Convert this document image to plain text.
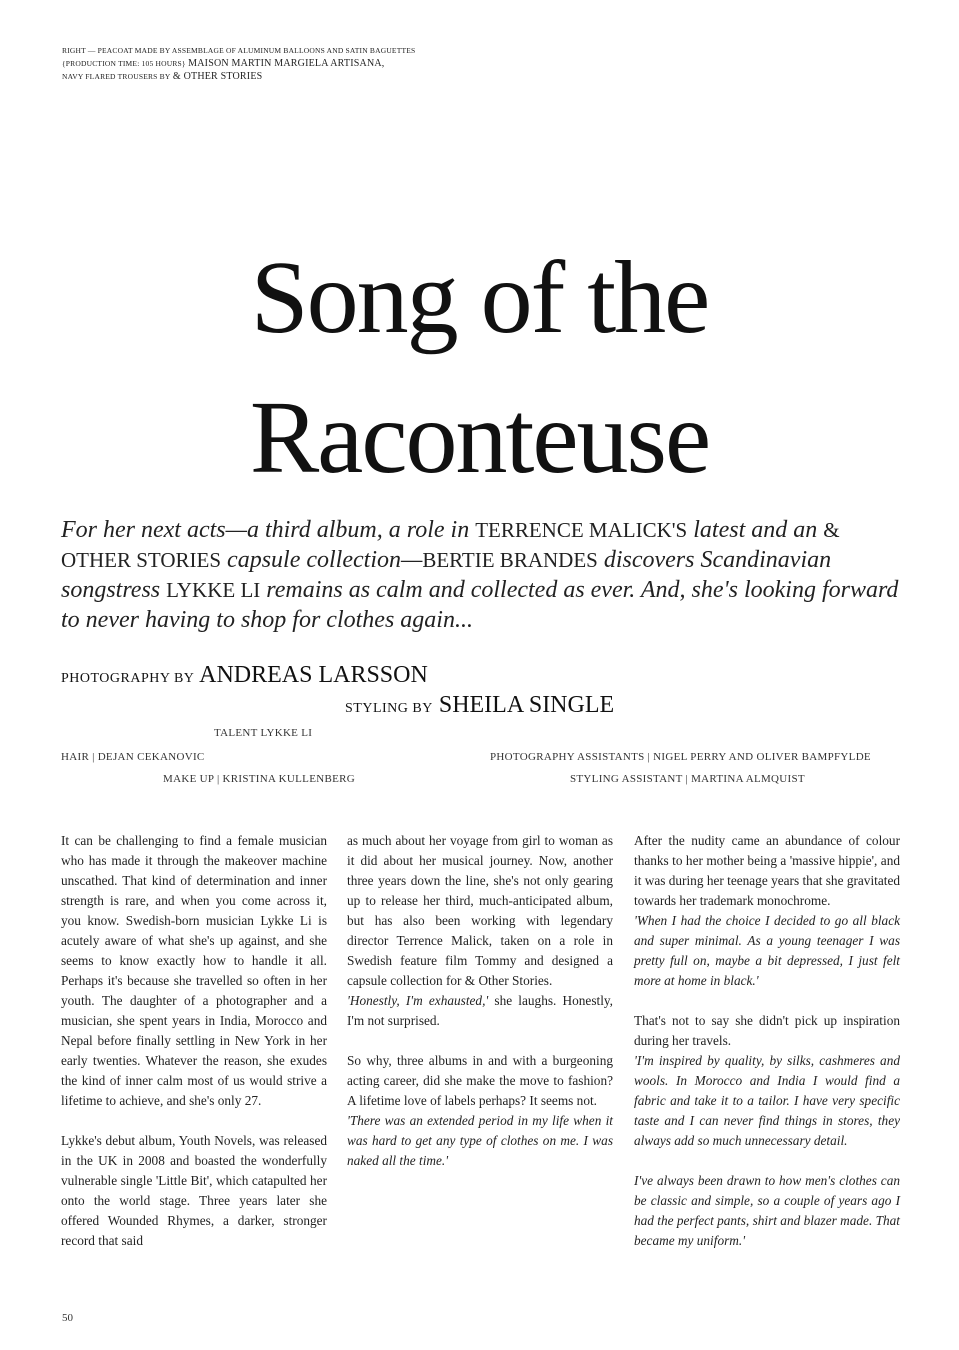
RIGHT — PEACOAT MADE BY ASSEMBLAGE OF ALUMINUM BALLOONS AND SATIN BAGUETTES
{PRODUCTION TIME: 105 HOURS} MAISON MARTIN MARGIELA ARTISANA,
NAVY FLARED TROUSERS BY & OTHER STORIES
Song of the
Raconteuse

For her next acts—a third album, a role in TERRENCE MALICK'S latest and an & OTHER STORIES capsule collection—BERTIE BRANDES discovers Scandinavian songstress LYKKE LI remains as calm and collected as ever. And, she's looking forward to never having to shop for clothes again...

PHOTOGRAPHY BY ANDREAS LARSSON
STYLING BY SHEILA SINGLE
TALENT LYKKE LI
HAIR | DEJAN CEKANOVIC
MAKE UP | KRISTINA KULLENBERG
PHOTOGRAPHY ASSISTANTS | NIGEL PERRY AND OLIVER BAMPFYLDE
STYLING ASSISTANT | MARTINA ALMQUIST

It can be challenging to find a female musician who has made it through the makeover machine unscathed. That kind of determination and inner strength is rare, and when you come across it, you know. Swedish-born musician Lykke Li is acutely aware of what she's up against, and she seems to know exactly how to handle it all. Perhaps it's because she travelled so often in her youth. The daughter of a photographer and a musician, she spent years in India, Morocco and Nepal before finally settling in New York in her early twenties. Whatever the reason, she exudes the kind of inner calm most of us would strive a lifetime to achieve, and she's only 27.

Lykke's debut album, Youth Novels, was released in the UK in 2008 and boasted the wonderfully vulnerable single 'Little Bit', which catapulted her onto the world stage. Three years later she offered Wounded Rhymes, a darker, stronger record that said

as much about her voyage from girl to woman as it did about her musical journey. Now, another three years down the line, she's not only gearing up to release her third, much-anticipated album, but has also been working with legendary director Terrence Malick, taken on a role in Swedish feature film Tommy and designed a capsule collection for & Other Stories.

'Honestly, I'm exhausted,' she laughs. Honestly, I'm not surprised.

So why, three albums in and with a burgeoning acting career, did she make the move to fashion? A lifetime love of labels perhaps? It seems not.

'There was an extended period in my life when it was hard to get any type of clothes on me. I was naked all the time.'

After the nudity came an abundance of colour thanks to her mother being a 'massive hippie', and it was during her teenage years that she gravitated towards her trademark monochrome.

'When I had the choice I decided to go all black and super minimal. As a young teenager I was pretty full on, maybe a bit depressed, I just felt more at home in black.'

That's not to say she didn't pick up inspiration during her travels.

'I'm inspired by quality, by silks, cashmeres and wools. In Morocco and India I would find a fabric and take it to a tailor. I have very specific taste and I can never find things in stores, they always add so much unnecessary detail.

I've always been drawn to how men's clothes can be classic and simple, so a couple of years ago I had the perfect pants, shirt and blazer made. That became my uniform.'

50
